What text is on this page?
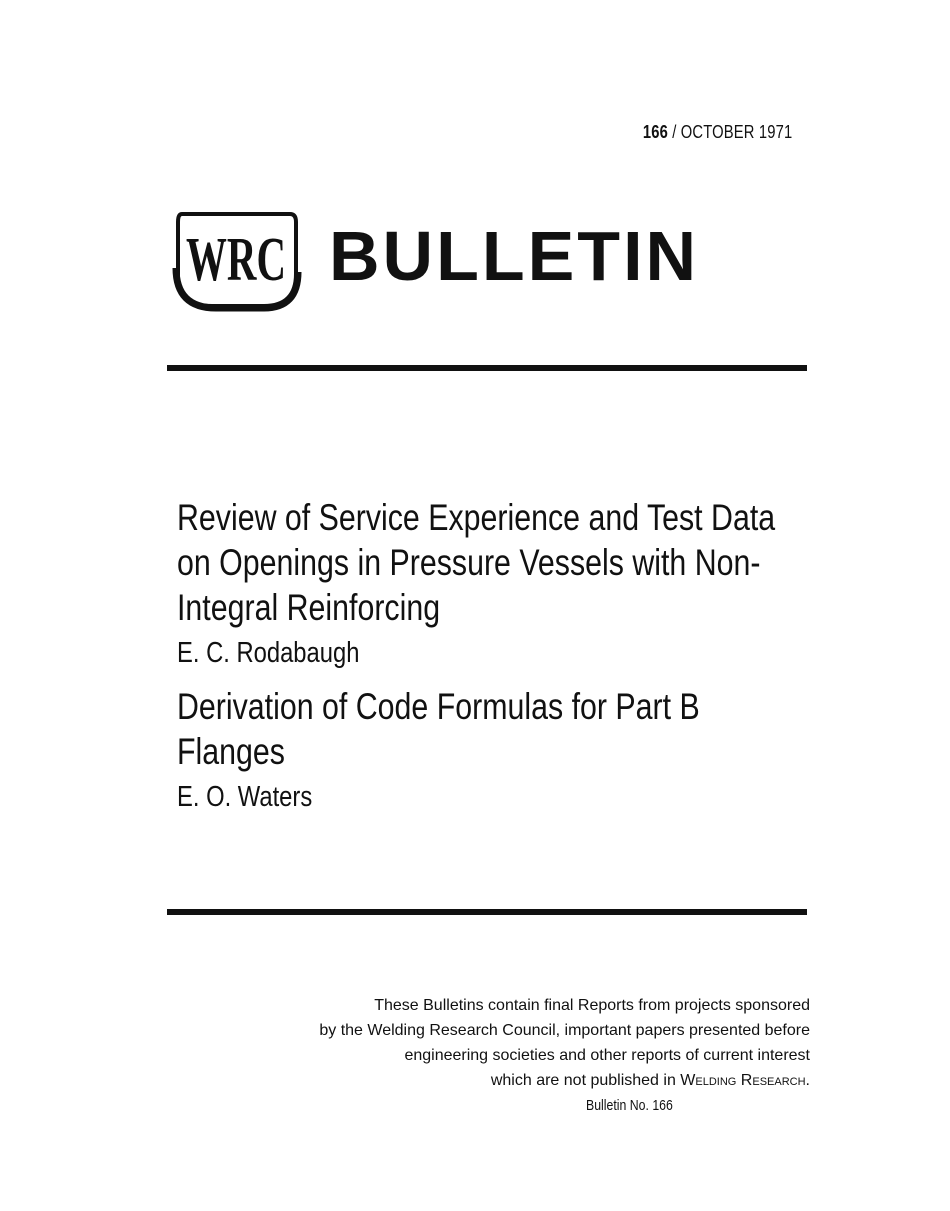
166 / OCTOBER 1971
WRC BULLETIN
Review of Service Experience and Test Data on Openings in Pressure Vessels with Non-Integral Reinforcing
E. C. Rodabaugh
Derivation of Code Formulas for Part B Flanges
E. O. Waters
These Bulletins contain final Reports from projects sponsored
by the Welding Research Council, important papers presented before
engineering societies and other reports of current interest
which are not published in Welding Research.
Bulletin No. 166
